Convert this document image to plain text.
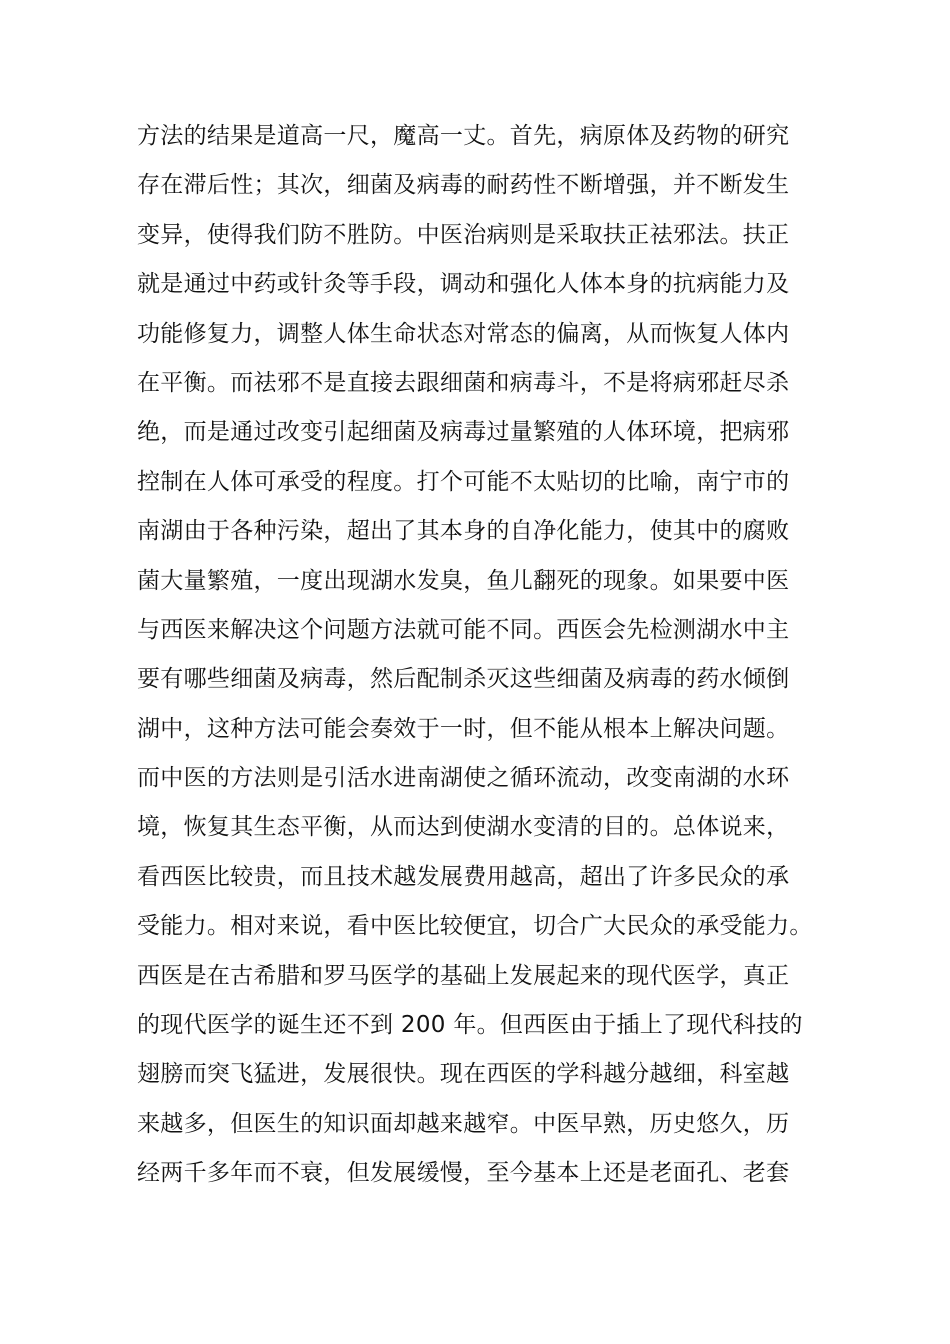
方法的结果是道高一尺，魔高一丈。首先，病原体及药物的研究
存在滞后性；其次，细菌及病毒的耐药性不断增强，并不断发生
变异，使得我们防不胜防。中医治病则是采取扶正祛邪法。扶正
就是通过中药或针灸等手段，调动和强化人体本身的抗病能力及
功能修复力，调整人体生命状态对常态的偏离，从而恢复人体内
在平衡。而祛邪不是直接去跟细菌和病毒斗，不是将病邪赶尽杀
绝，而是通过改变引起细菌及病毒过量繁殖的人体环境，把病邪
控制在人体可承受的程度。打个可能不太贴切的比喻，南宁市的
南湖由于各种污染，超出了其本身的自净化能力，使其中的腐败
菌大量繁殖，一度出现湖水发臭，鱼儿翻死的现象。如果要中医
与西医来解决这个问题方法就可能不同。西医会先检测湖水中主
要有哪些细菌及病毒，然后配制杀灭这些细菌及病毒的药水倾倒
湖中，这种方法可能会奏效于一时，但不能从根本上解决问题。
而中医的方法则是引活水进南湖使之循环流动，改变南湖的水环
境，恢复其生态平衡，从而达到使湖水变清的目的。总体说来，
看西医比较贵，而且技术越发展费用越高，超出了许多民众的承
受能力。相对来说，看中医比较便宜，切合广大民众的承受能力。
西医是在古希腊和罗马医学的基础上发展起来的现代医学，真正
的现代医学的诞生还不到 200 年。但西医由于插上了现代科技的
翅膀而突飞猛进，发展很快。现在西医的学科越分越细，科室越
来越多，但医生的知识面却越来越窄。中医早熟，历史悠久，历
经两千多年而不衰，但发展缓慢，至今基本上还是老面孔、老套
